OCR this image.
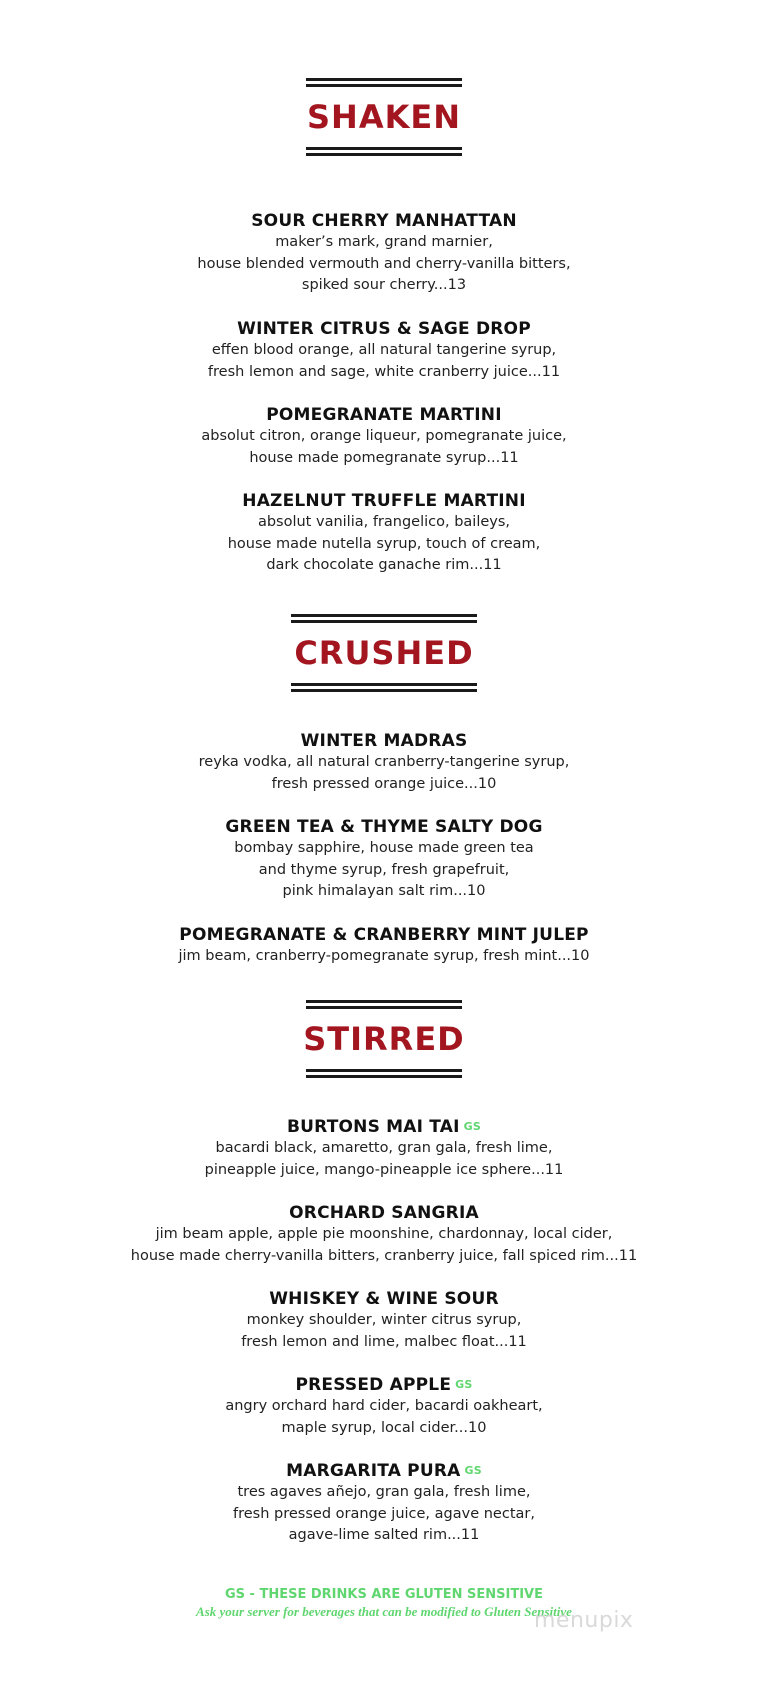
SHAKEN
SOUR CHERRY MANHATTAN
maker’s mark, grand marnier,
house blended vermouth and cherry-vanilla bitters,
spiked sour cherry...13
WINTER CITRUS & SAGE DROP
effen blood orange, all natural tangerine syrup,
fresh lemon and sage, white cranberry juice...11
POMEGRANATE MARTINI
absolut citron, orange liqueur, pomegranate juice,
house made pomegranate syrup...11
HAZELNUT TRUFFLE MARTINI
absolut vanilia, frangelico, baileys,
house made nutella syrup, touch of cream,
dark chocolate ganache rim...11
CRUSHED
WINTER MADRAS
reyka vodka, all natural cranberry-tangerine syrup,
fresh pressed orange juice...10
GREEN TEA & THYME SALTY DOG
bombay sapphire, house made green tea
and thyme syrup, fresh grapefruit,
pink himalayan salt rim...10
POMEGRANATE & CRANBERRY MINT JULEP
jim beam, cranberry-pomegranate syrup, fresh mint...10
STIRRED
BURTONS MAI TAI GS
bacardi black, amaretto, gran gala, fresh lime,
pineapple juice, mango-pineapple ice sphere...11
ORCHARD SANGRIA
jim beam apple, apple pie moonshine, chardonnay, local cider,
house made cherry-vanilla bitters, cranberry juice, fall spiced rim...11
WHISKEY & WINE SOUR
monkey shoulder, winter citrus syrup,
fresh lemon and lime, malbec float...11
PRESSED APPLE GS
angry orchard hard cider, bacardi oakheart,
maple syrup, local cider...10
MARGARITA PURA GS
tres agaves añejo, gran gala, fresh lime,
fresh pressed orange juice, agave nectar,
agave-lime salted rim...11
GS - THESE DRINKS ARE GLUTEN SENSITIVE
Ask your server for beverages that can be modified to Gluten Sensitive
menupix
